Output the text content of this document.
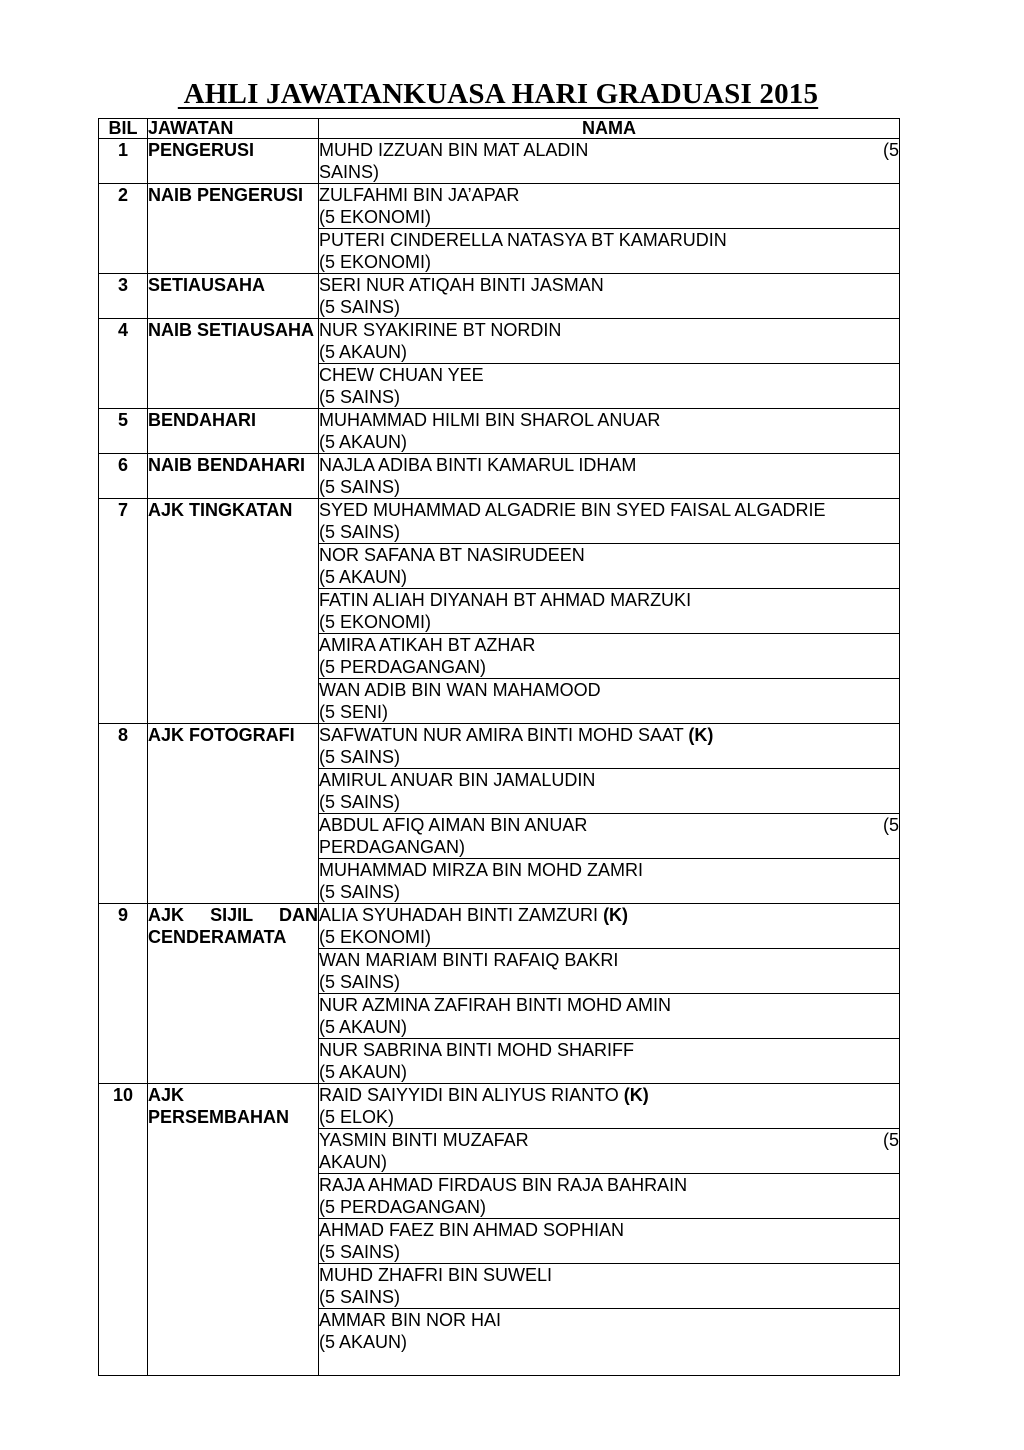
AHLI JAWATANKUASA HARI GRADUASI 2015
BIL	JAWATAN	NAMA
1	PENGERUSI	MUHD IZZUAN BIN MAT ALADIN (5
SAINS)

2	NAIB PENGERUSI	ZULFAHMI BIN JA’APAR
(5 EKONOMI)

		PUTERI CINDERELLA NATASYA BT KAMARUDIN
(5 EKONOMI)

3	SETIAUSAHA	SERI NUR ATIQAH BINTI JASMAN
(5 SAINS)

4	NAIB SETIAUSAHA	NUR SYAKIRINE BT NORDIN
(5 AKAUN)

		CHEW CHUAN YEE
(5 SAINS)

5	BENDAHARI	MUHAMMAD HILMI BIN SHAROL ANUAR
(5 AKAUN)

6	NAIB BENDAHARI	NAJLA ADIBA BINTI KAMARUL IDHAM
(5 SAINS)

7	AJK TINGKATAN	SYED MUHAMMAD ALGADRIE BIN SYED FAISAL ALGADRIE
(5 SAINS)

		NOR SAFANA BT NASIRUDEEN
(5 AKAUN)

		FATIN ALIAH DIYANAH BT AHMAD MARZUKI
(5 EKONOMI)

		AMIRA ATIKAH BT AZHAR
(5 PERDAGANGAN)

		WAN ADIB BIN WAN MAHAMOOD
(5 SENI)

8	AJK FOTOGRAFI	SAFWATUN NUR AMIRA BINTI MOHD SAAT (K)
(5 SAINS)

		AMIRUL ANUAR BIN JAMALUDIN
(5 SAINS)

		ABDUL AFIQ AIMAN BIN ANUAR (5
PERDAGANGAN)

		MUHAMMAD MIRZA BIN MOHD ZAMRI
(5 SAINS)

9	AJK SIJIL DAN CENDERAMATA	ALIA SYUHADAH BINTI ZAMZURI (K)
(5 EKONOMI)

		WAN MARIAM BINTI RAFAIQ BAKRI
(5 SAINS)

		NUR AZMINA ZAFIRAH BINTI MOHD AMIN
(5 AKAUN)

		NUR SABRINA BINTI MOHD SHARIFF
(5 AKAUN)

10	AJK PERSEMBAHAN	RAID SAIYYIDI BIN ALIYUS RIANTO (K)
(5 ELOK)

		YASMIN BINTI MUZAFAR (5
AKAUN)

		RAJA AHMAD FIRDAUS BIN RAJA BAHRAIN
(5 PERDAGANGAN)

		AHMAD FAEZ BIN AHMAD SOPHIAN
(5 SAINS)

		MUHD ZHAFRI BIN SUWELI
(5 SAINS)

		AMMAR BIN NOR HAI
(5 AKAUN)
